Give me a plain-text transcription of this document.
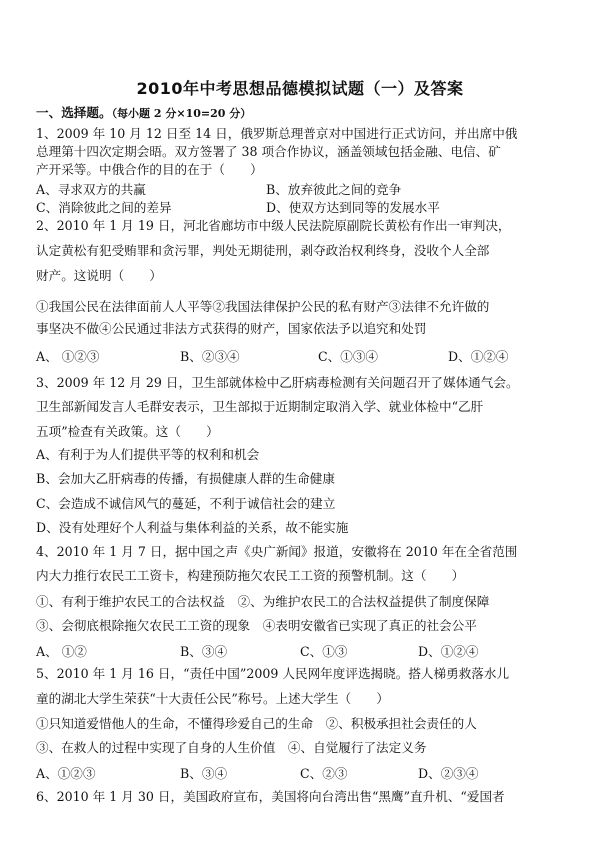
2010年中考思想品德模拟试题（一）及答案
一、选择题。（每小题 2 分×10=20 分）
1、2009 年 10 月 12 日至 14 日，俄罗斯总理普京对中国进行正式访问，并出席中俄
总理第十四次定期会晤。双方签署了 38 项合作协议，涵盖领域包括金融、电信、矿
产开采等。中俄合作的目的在于（　　）
A、寻求双方的共赢	B、放弃彼此之间的竞争
C、消除彼此之间的差异	D、使双方达到同等的发展水平
2、2010 年 1 月 19 日，河北省廊坊市中级人民法院原副院长黄松有作出一审判决，
认定黄松有犯受贿罪和贪污罪，判处无期徒刑，剥夺政治权利终身，没收个人全部
财产。这说明（　　）
①我国公民在法律面前人人平等②我国法律保护公民的私有财产③法律不允许做的
事坚决不做④公民通过非法方式获得的财产，国家依法予以追究和处罚
A、 ①②③	B、②③④	C、①③④	D、①②④
3、2009 年 12 月 29 日，卫生部就体检中乙肝病毒检测有关问题召开了媒体通气会。
卫生部新闻发言人毛群安表示，卫生部拟于近期制定取消入学、就业体检中“乙肝
五项”检查有关政策。这（　　）
A、有利于为人们提供平等的权利和机会
B、会加大乙肝病毒的传播，有损健康人群的生命健康
C、会造成不诚信风气的蔓延，不利于诚信社会的建立
D、没有处理好个人利益与集体利益的关系，故不能实施
4、2010 年 1 月 7 日，据中国之声《央广新闻》报道，安徽将在 2010 年在全省范围
内大力推行农民工工资卡，构建预防拖欠农民工工资的预警机制。这（　　）
①、有利于维护农民工的合法权益　②、为维护农民工的合法权益提供了制度保障
③、会彻底根除拖欠农民工工资的现象　④表明安徽省已实现了真正的社会公平
A、 ①②	B、③④	C、①③	D、①②④
5、2010 年 1 月 16 日，“责任中国”2009 人民网年度评选揭晓。搭人梯勇救落水儿
童的湖北大学生荣获“十大责任公民”称号。上述大学生（　　）
①只知道爱惜他人的生命，不懂得珍爱自己的生命　②、积极承担社会责任的人
③、在救人的过程中实现了自身的人生价值　④、自觉履行了法定义务
A、①②③	B、③④	C、②③	D、②③④
6、2010 年 1 月 30 日，美国政府宣布，美国将向台湾出售“黑鹰”直升机、“爱国者
